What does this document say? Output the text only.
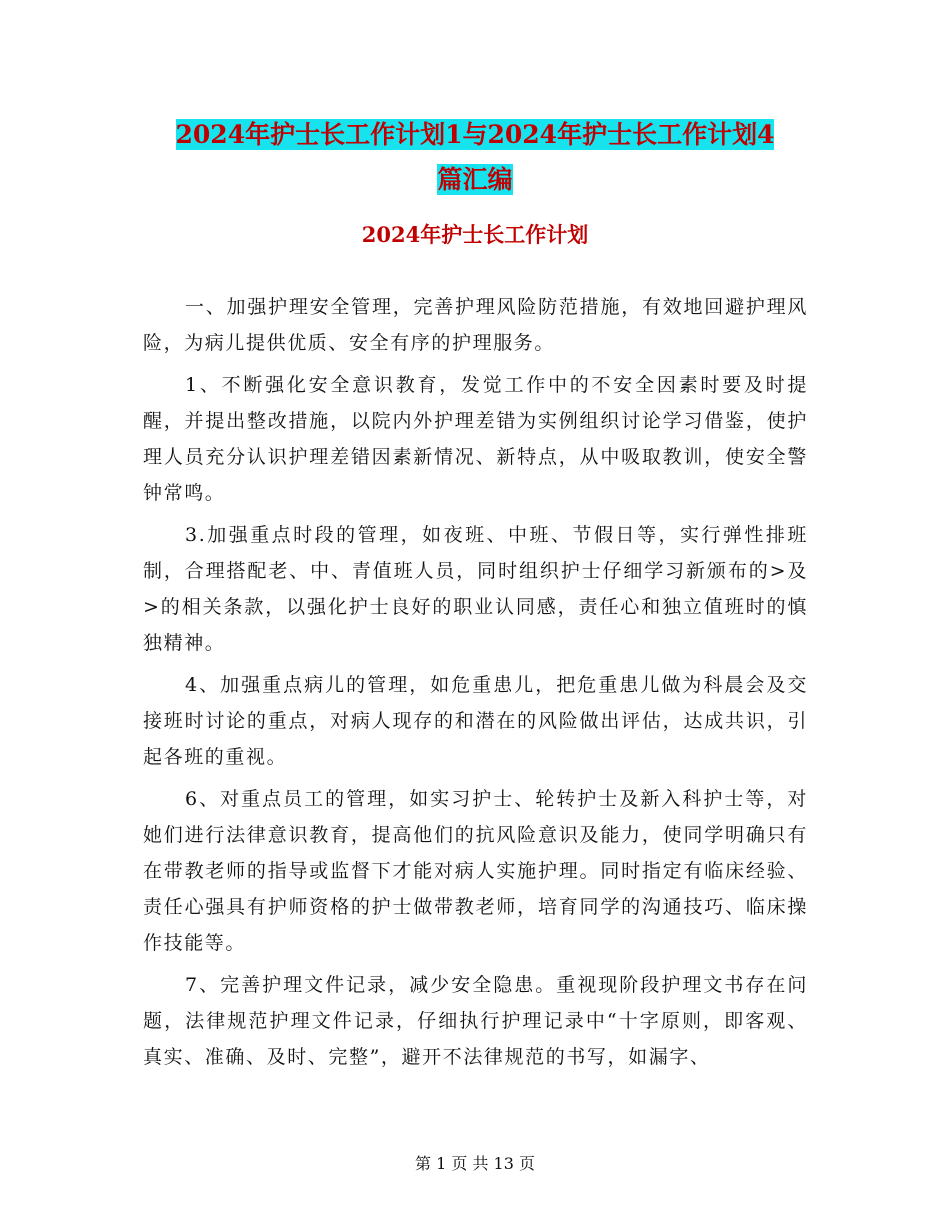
2024年护士长工作计划1与2024年护士长工作计划4
篇汇编
2024年护士长工作计划

一、加强护理安全管理，完善护理风险防范措施，有效地回避护理风险，为病儿提供优质、安全有序的护理服务。

1、不断强化安全意识教育，发觉工作中的不安全因素时要及时提醒，并提出整改措施，以院内外护理差错为实例组织讨论学习借鉴，使护理人员充分认识护理差错因素新情况、新特点，从中吸取教训，使安全警钟常鸣。

3.加强重点时段的管理，如夜班、中班、节假日等，实行弹性排班制，合理搭配老、中、青值班人员，同时组织护士仔细学习新颁布的>及>的相关条款，以强化护士良好的职业认同感，责任心和独立值班时的慎独精神。

4、加强重点病儿的管理，如危重患儿，把危重患儿做为科晨会及交接班时讨论的重点，对病人现存的和潜在的风险做出评估，达成共识，引起各班的重视。

6、对重点员工的管理，如实习护士、轮转护士及新入科护士等，对她们进行法律意识教育，提高他们的抗风险意识及能力，使同学明确只有在带教老师的指导或监督下才能对病人实施护理。同时指定有临床经验、责任心强具有护师资格的护士做带教老师，培育同学的沟通技巧、临床操作技能等。

7、完善护理文件记录，减少安全隐患。重视现阶段护理文书存在问题，法律规范护理文件记录，仔细执行护理记录中“十字原则，即客观、真实、准确、及时、完整”，避开不法律规范的书写，如漏字、

第 1 页 共 13 页
